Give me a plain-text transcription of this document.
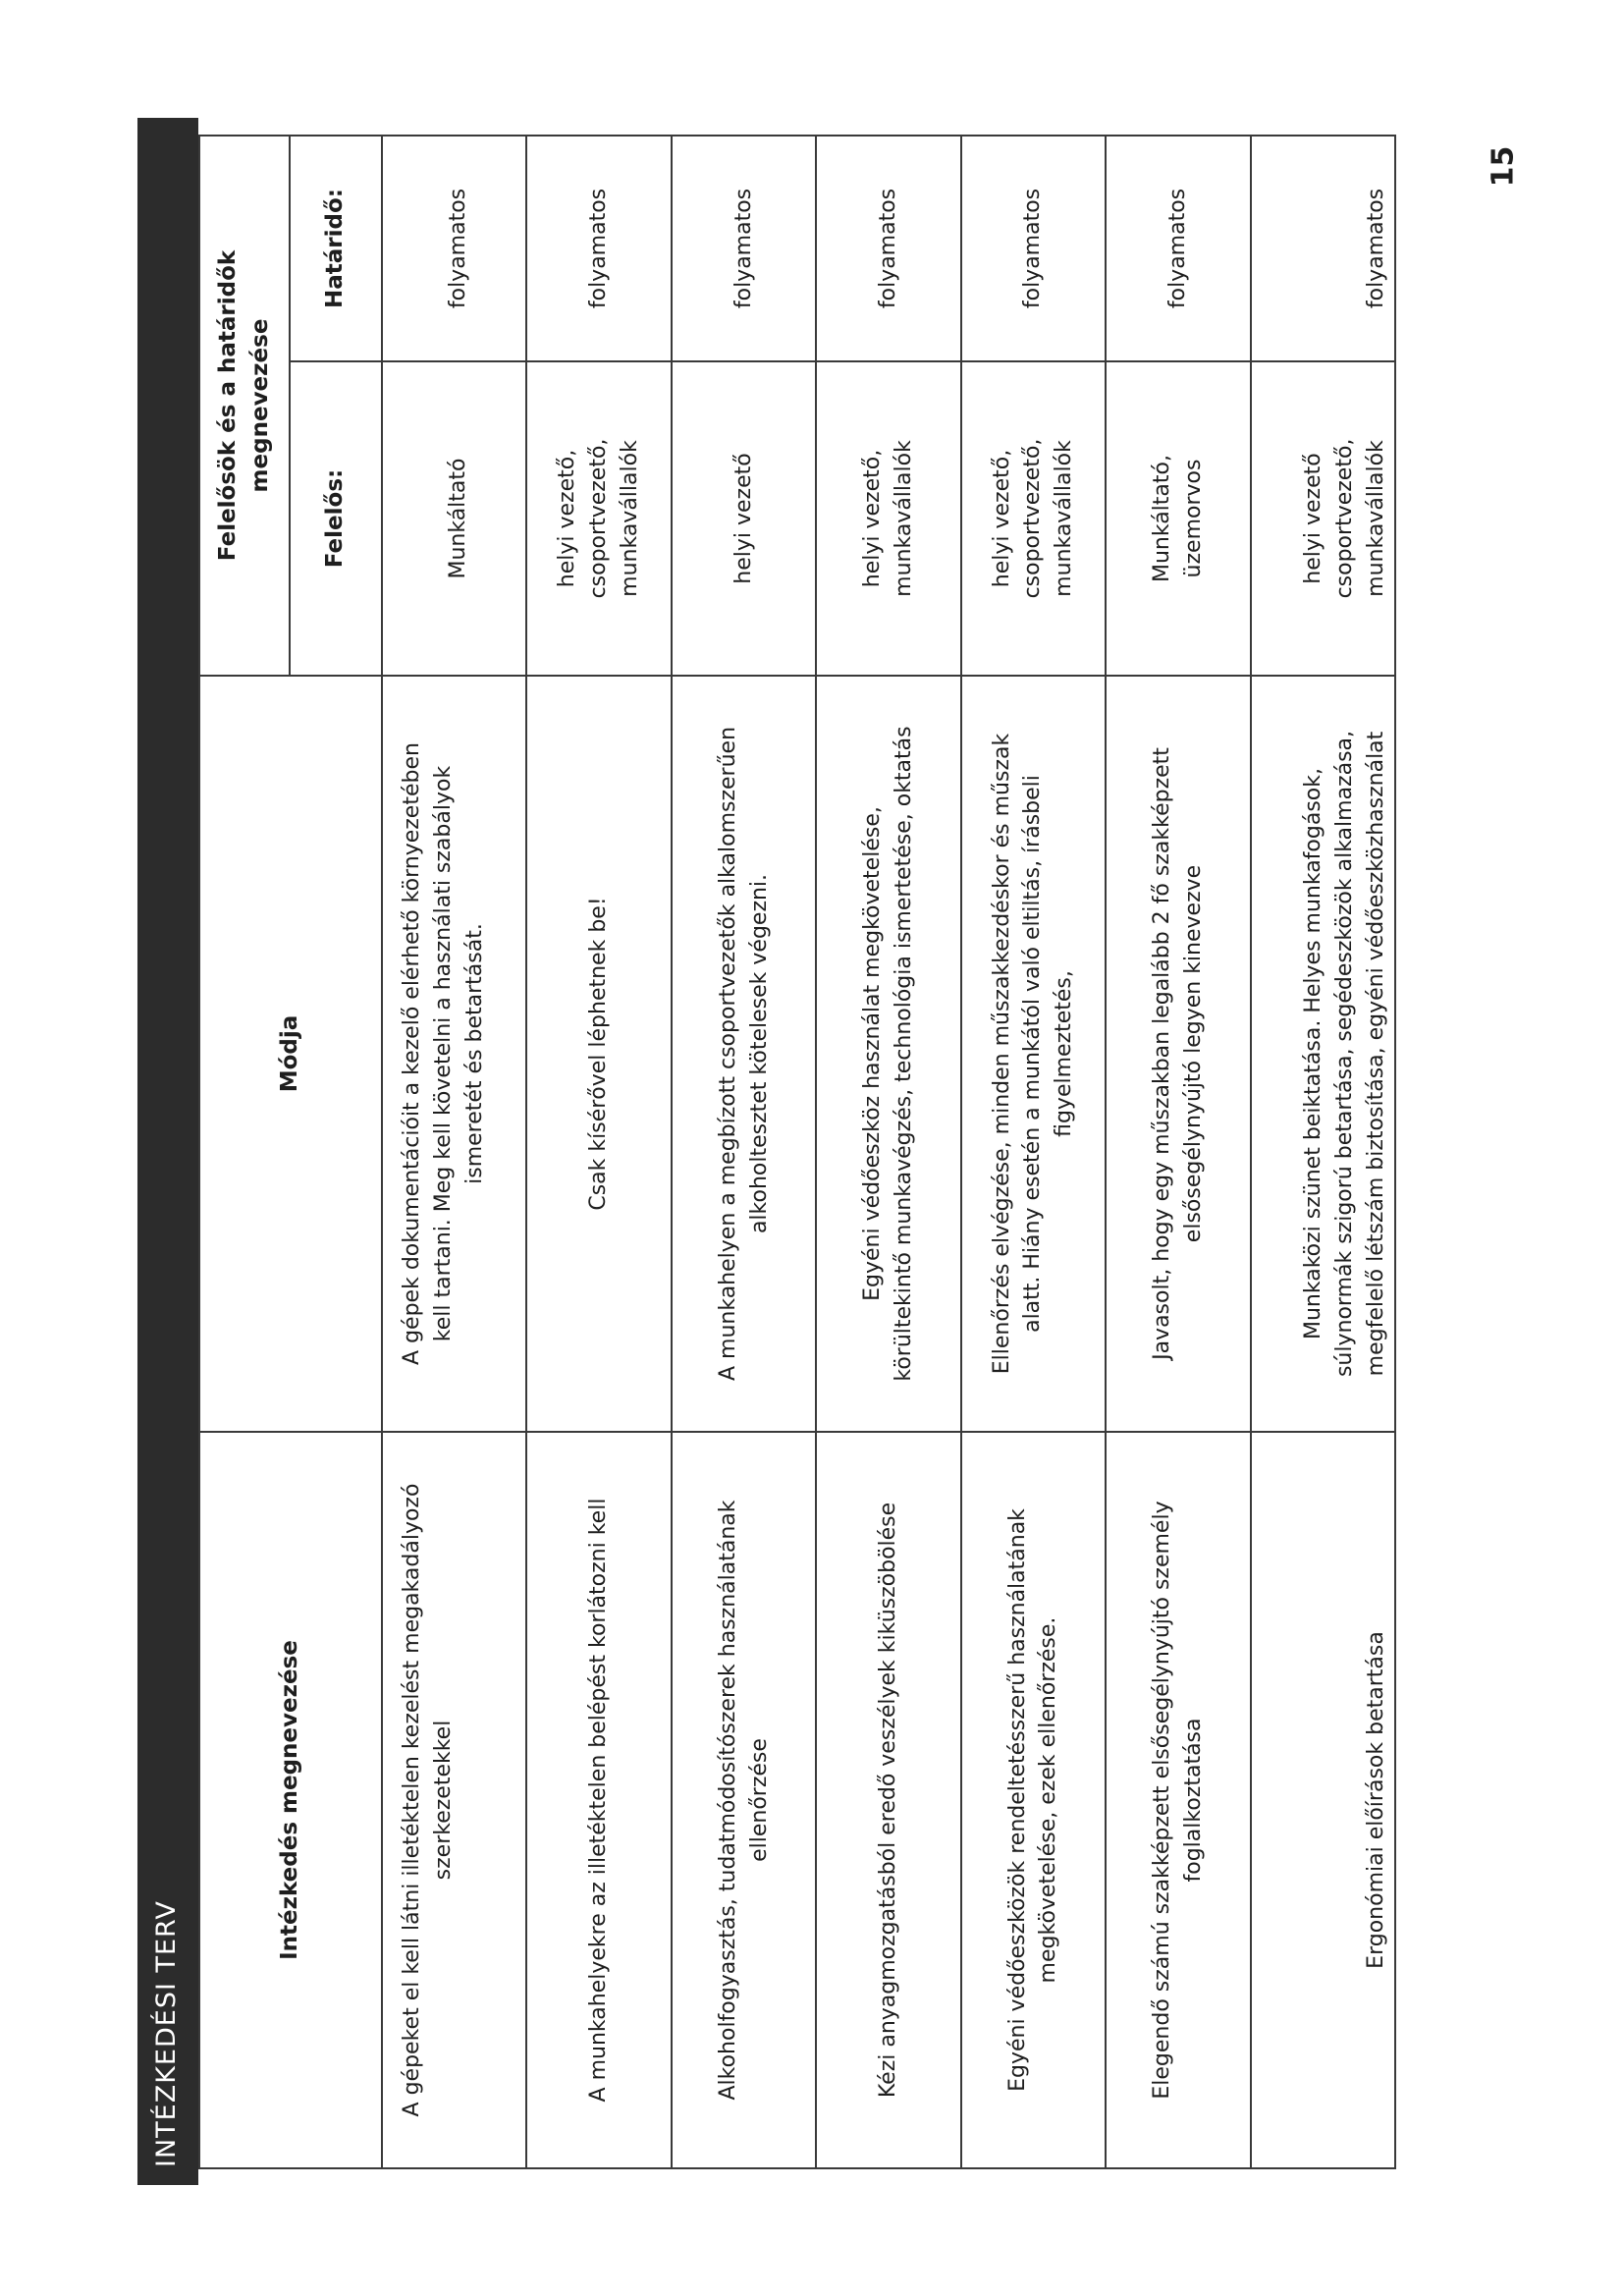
15
INTÉZKEDÉSI TERV
Intézkedés megnevezése	Módja	Felelősök és a határidők
megnevezése	
		Felelős:	Határidő:
A gépeket el kell látni illetéktelen kezelést megakadályozó
szerkezetekkel	A gépek dokumentációit a kezelő elérhető környezetében
kell tartani. Meg kell követelni a használati szabályok
ismeretét és betartását.	Munkáltató	folyamatos
A munkahelyekre az illetéktelen belépést korlátozni kell	Csak kísérővel léphetnek be!	helyi vezető,
csoportvezető,
munkavállalók	folyamatos
Alkoholfogyasztás, tudatmódosítószerek használatának
ellenőrzése	A munkahelyen a megbízott csoportvezetők alkalomszerűen
alkoholtesztet kötelesek végezni.	helyi vezető	folyamatos
Kézi anyagmozgatásból eredő veszélyek kiküszöbölése	Egyéni védőeszköz használat megkövetelése,
körültekintő munkavégzés, technológia ismertetése, oktatás	helyi vezető,
munkavállalók	folyamatos
Egyéni védőeszközök rendeltetésszerű használatának
megkövetelése, ezek ellenőrzése.	Ellenőrzés elvégzése, minden műszakkezdéskor és műszak
alatt. Hiány esetén a munkától való eltiltás, írásbeli
figyelmeztetés,	helyi vezető,
csoportvezető,
munkavállalók	folyamatos
Elegendő számú szakképzett elsősegélynyújtó személy
foglalkoztatása	Javasolt, hogy egy műszakban legalább 2 fő szakképzett
elsősegélynyújtó legyen kinevezve	Munkáltató,
üzemorvos	folyamatos
Ergonómiai előírások betartása	Munkaközi szünet beiktatása. Helyes munkafogások,
súlynormák szigorú betartása, segédeszközök alkalmazása,
megfelelő létszám biztosítása, egyéni védőeszközhasználat	helyi vezető
csoportvezető,
munkavállalók	folyamatos
